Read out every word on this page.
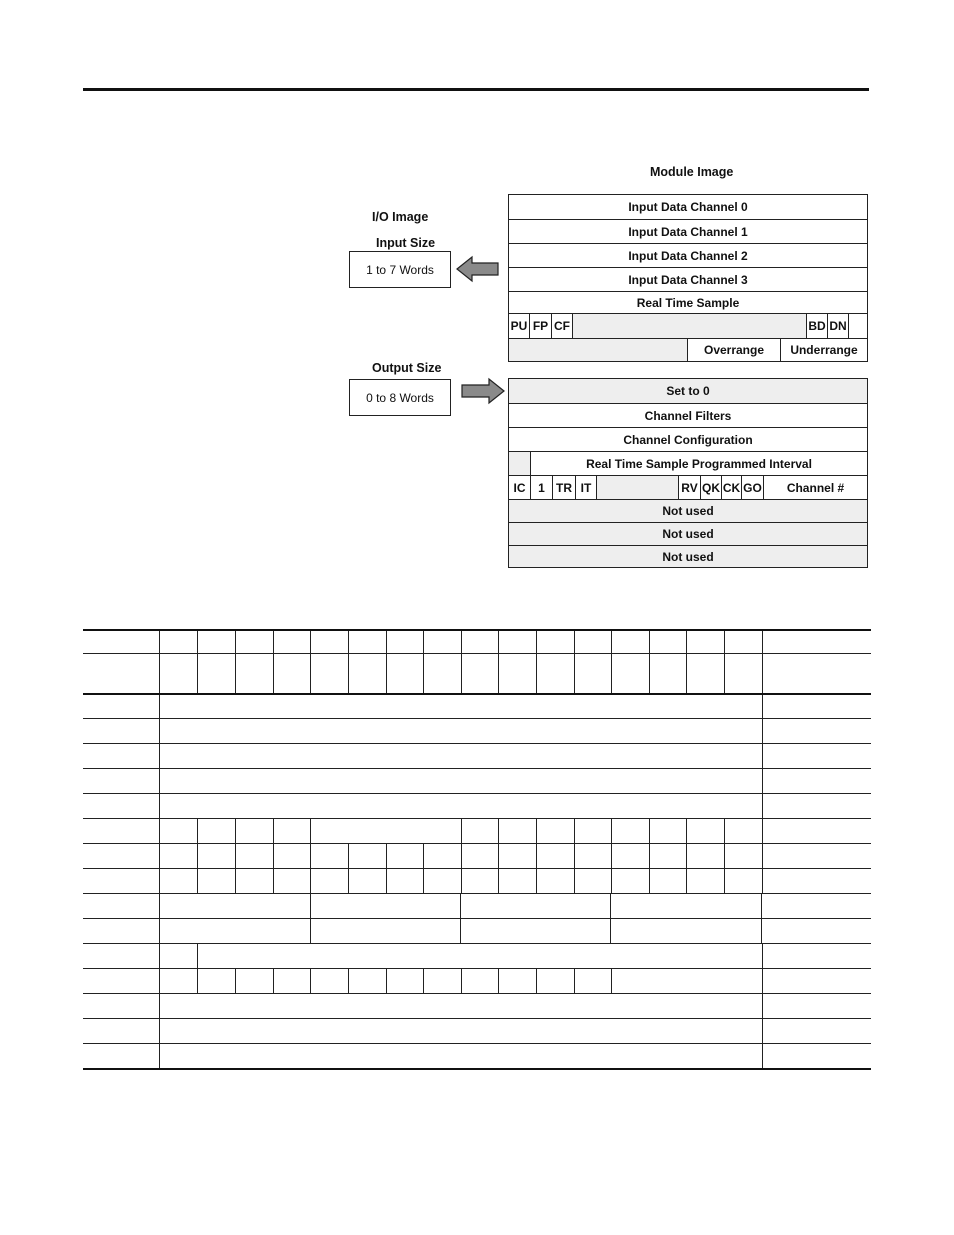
Module Image
I/O Image
Input Size
1 to 7 Words
Output Size
0 to 8 Words
Input Data Channel 0
Input Data Channel 1
Input Data Channel 2
Input Data Channel 3
Real Time Sample
PU FP CF	BD DN
Overrange	Underrange
Set to 0
Channel Filters
Channel Configuration
Real Time Sample Programmed Interval
IC	1 TR IT	RV QK CK GO	Channel #
Not used
Not used
Not used
